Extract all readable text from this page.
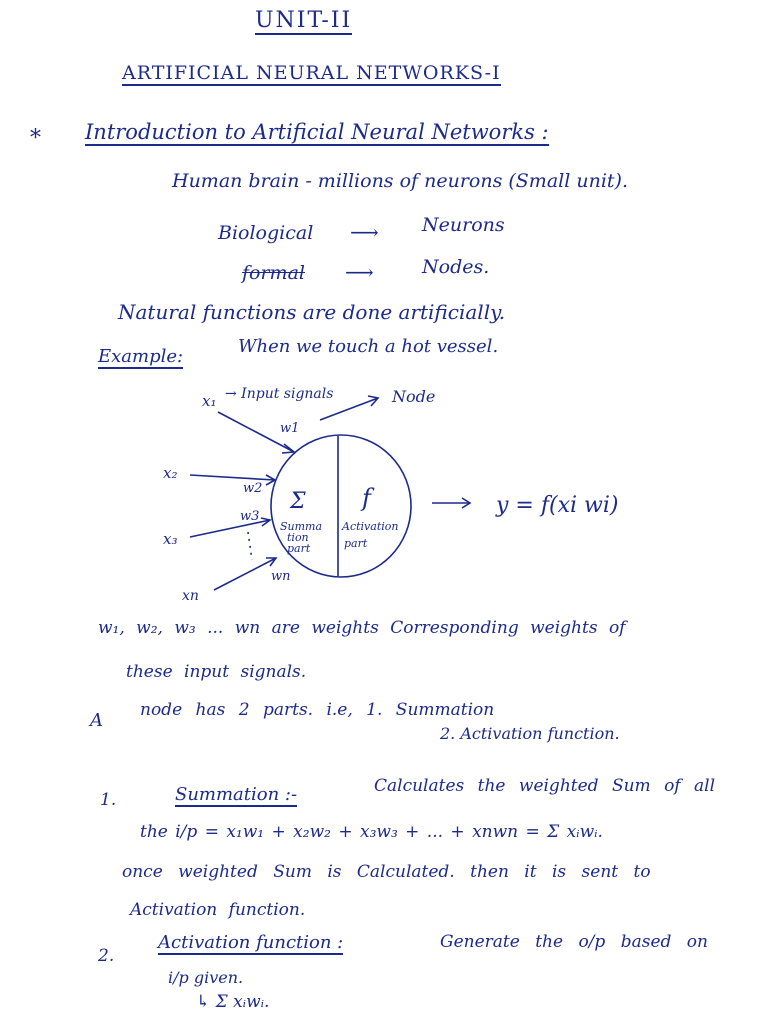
UNIT-II
ARTIFICIAL NEURAL NETWORKS-I
* Introduction to Artificial Neural Networks :
Human brain - millions of neurons (Small unit).
Biological ⟶ Neurons
formal ⟶	Nodes.
Natural functions are done artificially.
Example:	When we touch a hot vessel.
x₁ → Input signals	Node
w1
x₂
w2
w3
x₃
wn
xn
Σ f
Summa
tion
part
Activation
part
y = f(xi wi)
w₁, w₂, w₃ ... wn are weights Corresponding weights of
these input signals.
A node has 2 parts. i.e, 1. Summation
2. Activation function.
1.	Summation :-	Calculates the weighted Sum of all
the i/p = x₁w₁ + x₂w₂ + x₃w₃ + ... + xnwn = Σ xᵢwᵢ.
once weighted Sum is Calculated. then it is sent to
Activation function.
2.
Activation function :	Generate the o/p based on
i/p given.
↳ Σ xᵢwᵢ.
